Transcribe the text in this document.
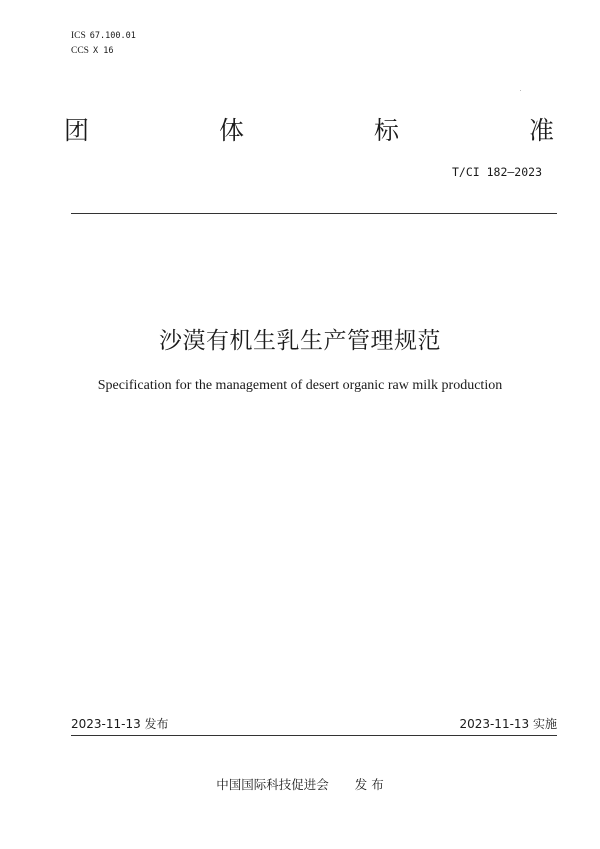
ICS 67.100.01
CCS X 16
团	体	标	准
T/CI 182—2023
沙漠有机生乳生产管理规范
Specification for the management of desert organic raw milk production
2023-11-13 发布	2023-11-13 实施
中国国际科技促进会 发 布
